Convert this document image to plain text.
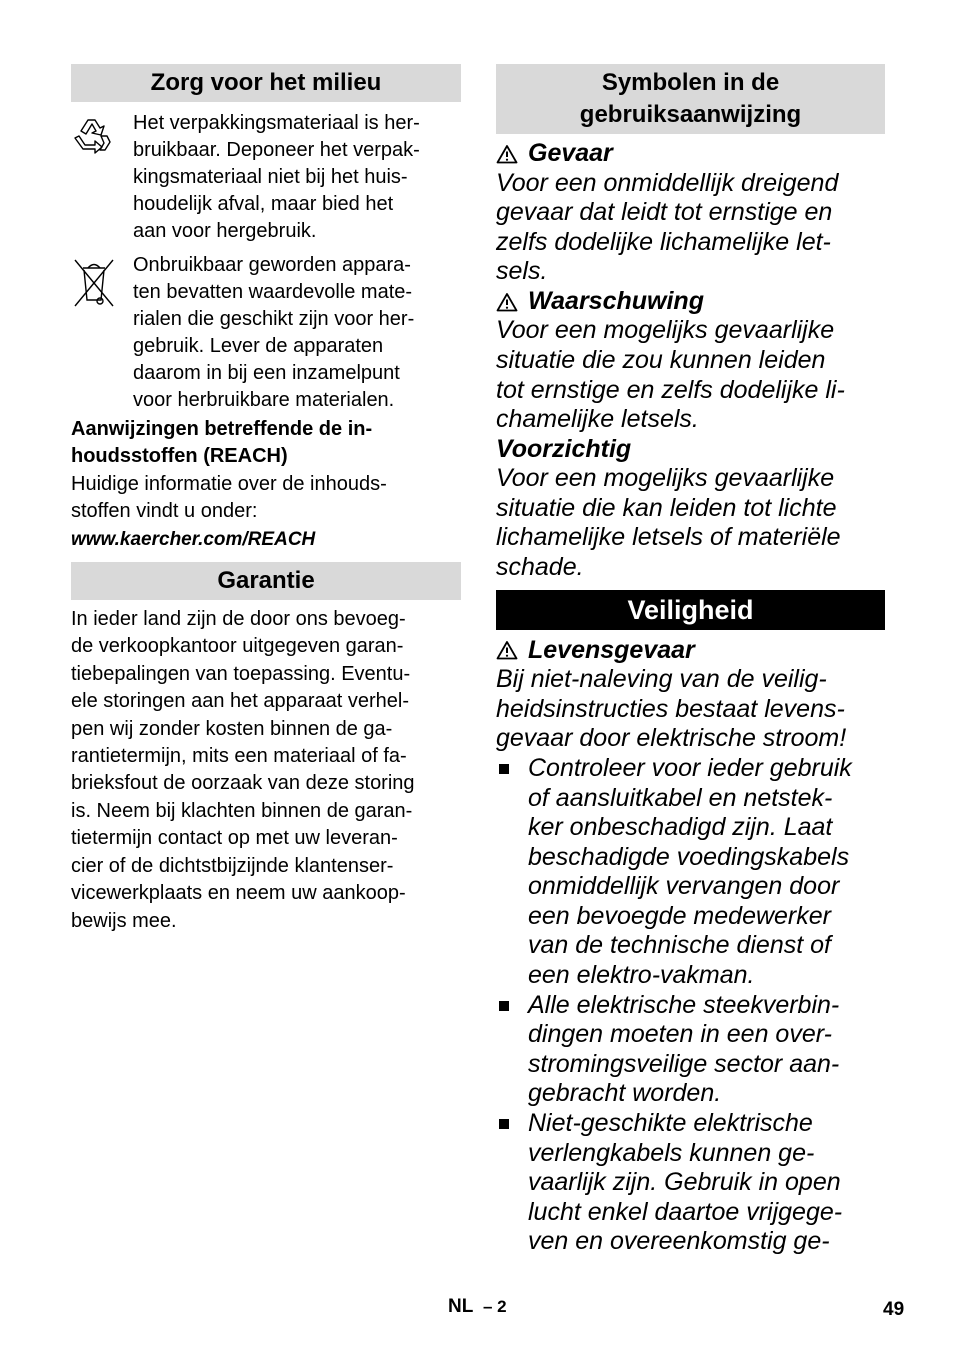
Zorg voor het milieu
Het verpakkingsmateriaal is her-
bruikbaar. Deponeer het verpak-
kingsmateriaal niet bij het huis-
houdelijk afval, maar bied het
aan voor hergebruik.
Onbruikbaar geworden appara-
ten bevatten waardevolle mate-
rialen die geschikt zijn voor her-
gebruik. Lever de apparaten
daarom in bij een inzamelpunt
voor herbruikbare materialen.
Aanwijzingen betreffende de in-
houdsstoffen (REACH)
Huidige informatie over de inhouds-
stoffen vindt u onder:
www.kaercher.com/REACH
Garantie
In ieder land zijn de door ons bevoeg-
de verkoopkantoor uitgegeven garan-
tiebepalingen van toepassing. Eventu-
ele storingen aan het apparaat verhel-
pen wij zonder kosten binnen de ga-
rantietermijn, mits een materiaal of fa-
brieksfout de oorzaak van deze storing
is. Neem bij klachten binnen de garan-
tietermijn contact op met uw leveran-
cier of de dichtstbijzijnde klantenser-
vicewerkplaats en neem uw aankoop-
bewijs mee.
Symbolen in de
gebruiksaanwijzing
Gevaar
Voor een onmiddellijk dreigend
gevaar dat leidt tot ernstige en
zelfs dodelijke lichamelijke let-
sels.
Waarschuwing
Voor een mogelijks gevaarlijke
situatie die zou kunnen leiden
tot ernstige en zelfs dodelijke li-
chamelijke letsels.
Voorzichtig
Voor een mogelijks gevaarlijke
situatie die kan leiden tot lichte
lichamelijke letsels of materiële
schade.
Veiligheid
Levensgevaar
Bij niet-naleving van de veilig-
heidsinstructies bestaat levens-
gevaar door elektrische stroom!
Controleer voor ieder gebruik
of aansluitkabel en netstek-
ker onbeschadigd zijn. Laat
beschadigde voedingskabels
onmiddellijk vervangen door
een bevoegde medewerker
van de technische dienst of
een elektro-vakman.
Alle elektrische steekverbin-
dingen moeten in een over-
stromingsveilige sector aan-
gebracht worden.
Niet-geschikte elektrische
verlengkabels kunnen ge-
vaarlijk zijn. Gebruik in open
lucht enkel daartoe vrijgege-
ven en overeenkomstig ge-
NL – 2	49
